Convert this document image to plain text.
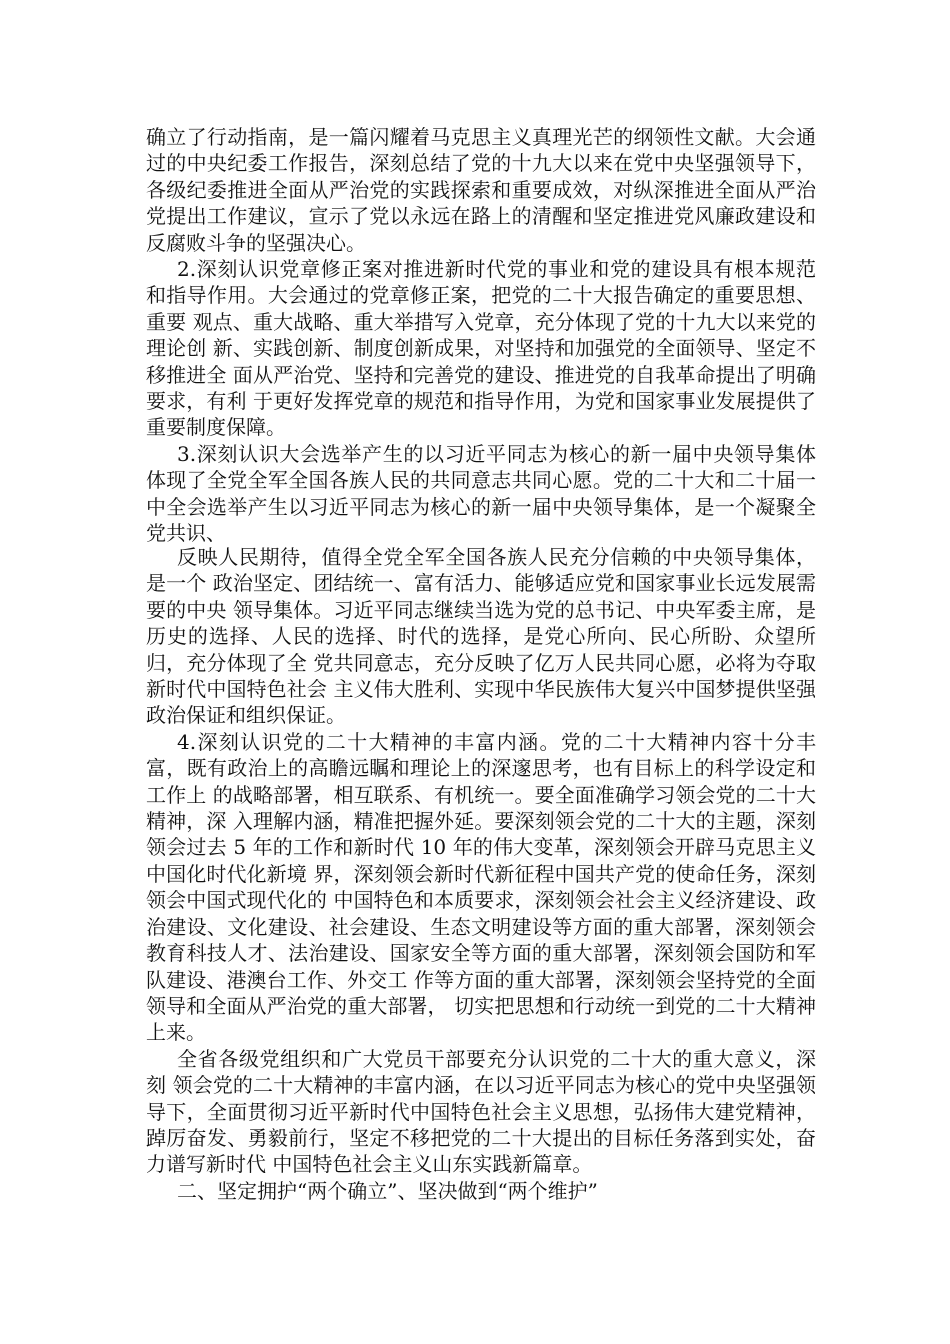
确立了行动指南，是一篇闪耀着马克思主义真理光芒的纲领性文献。大会通过的中央纪委工作报告，深刻总结了党的十九大以来在党中央坚强领导下，各级纪委推进全面从严治党的实践探索和重要成效，对纵深推进全面从严治党提出工作建议，宣示了党以永远在路上的清醒和坚定推进党风廉政建设和反腐败斗争的坚强决心。

2.深刻认识党章修正案对推进新时代党的事业和党的建设具有根本规范和指导作用。大会通过的党章修正案，把党的二十大报告确定的重要思想、重要 观点、重大战略、重大举措写入党章，充分体现了党的十九大以来党的理论创 新、实践创新、制度创新成果，对坚持和加强党的全面领导、坚定不移推进全 面从严治党、坚持和完善党的建设、推进党的自我革命提出了明确要求，有利 于更好发挥党章的规范和指导作用，为党和国家事业发展提供了重要制度保障。

3.深刻认识大会选举产生的以习近平同志为核心的新一届中央领导集体体现了全党全军全国各族人民的共同意志共同心愿。党的二十大和二十届一中全会选举产生以习近平同志为核心的新一届中央领导集体，是一个凝聚全党共识、

反映人民期待，值得全党全军全国各族人民充分信赖的中央领导集体，是一个 政治坚定、团结统一、富有活力、能够适应党和国家事业长远发展需要的中央 领导集体。习近平同志继续当选为党的总书记、中央军委主席，是历史的选择、人民的选择、时代的选择，是党心所向、民心所盼、众望所归，充分体现了全 党共同意志，充分反映了亿万人民共同心愿，必将为夺取新时代中国特色社会 主义伟大胜利、实现中华民族伟大复兴中国梦提供坚强政治保证和组织保证。

4.深刻认识党的二十大精神的丰富内涵。党的二十大精神内容十分丰富，既有政治上的高瞻远瞩和理论上的深邃思考，也有目标上的科学设定和工作上 的战略部署，相互联系、有机统一。要全面准确学习领会党的二十大精神，深 入理解内涵，精准把握外延。要深刻领会党的二十大的主题，深刻领会过去 5 年的工作和新时代 10 年的伟大变革，深刻领会开辟马克思主义中国化时代化新境 界，深刻领会新时代新征程中国共产党的使命任务，深刻领会中国式现代化的 中国特色和本质要求，深刻领会社会主义经济建设、政治建设、文化建设、社会建设、生态文明建设等方面的重大部署，深刻领会教育科技人才、法治建设、国家安全等方面的重大部署，深刻领会国防和军队建设、港澳台工作、外交工 作等方面的重大部署，深刻领会坚持党的全面领导和全面从严治党的重大部署， 切实把思想和行动统一到党的二十大精神上来。

全省各级党组织和广大党员干部要充分认识党的二十大的重大意义，深刻 领会党的二十大精神的丰富内涵，在以习近平同志为核心的党中央坚强领导下，全面贯彻习近平新时代中国特色社会主义思想，弘扬伟大建党精神，踔厉奋发、勇毅前行，坚定不移把党的二十大提出的目标任务落到实处，奋力谱写新时代 中国特色社会主义山东实践新篇章。

二、坚定拥护“两个确立”、坚决做到“两个维护”
